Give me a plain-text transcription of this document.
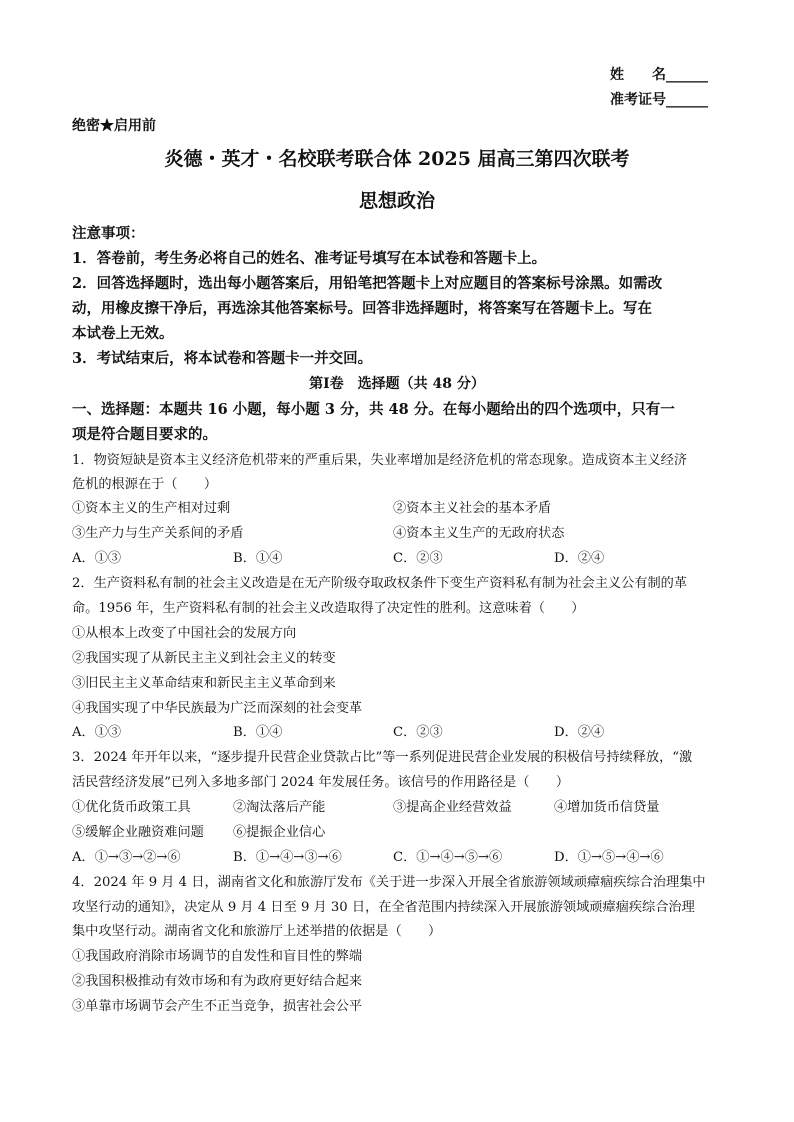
姓　　名______
准考证号______
绝密★启用前
炎德・英才・名校联考联合体 2025 届高三第四次联考
思想政治
注意事项：
1．答卷前，考生务必将自己的姓名、准考证号填写在本试卷和答题卡上。
2．回答选择题时，选出每小题答案后，用铅笔把答题卡上对应题目的答案标号涂黑。如需改
动，用橡皮擦干净后，再选涂其他答案标号。回答非选择题时，将答案写在答题卡上。写在
本试卷上无效。
3．考试结束后，将本试卷和答题卡一并交回。
第Ⅰ卷　选择题（共 48 分）
一、选择题：本题共 16 小题，每小题 3 分，共 48 分。在每小题给出的四个选项中，只有一
项是符合题目要求的。
1．物资短缺是资本主义经济危机带来的严重后果，失业率增加是经济危机的常态现象。造成资本主义经济
危机的根源在于（　　）
①资本主义的生产相对过剩	②资本主义社会的基本矛盾
③生产力与生产关系间的矛盾	④资本主义生产的无政府状态
A．①③	B．①④	C．②③	D．②④
2．生产资料私有制的社会主义改造是在无产阶级夺取政权条件下变生产资料私有制为社会主义公有制的革
命。1956 年，生产资料私有制的社会主义改造取得了决定性的胜利。这意味着（　　）
①从根本上改变了中国社会的发展方向
②我国实现了从新民主主义到社会主义的转变
③旧民主主义革命结束和新民主主义革命到来
④我国实现了中华民族最为广泛而深刻的社会变革
A．①③	B．①④	C．②③	D．②④
3．2024 年开年以来，“逐步提升民营企业贷款占比”等一系列促进民营企业发展的积极信号持续释放，“激
活民营经济发展”已列入多地多部门 2024 年发展任务。该信号的作用路径是（　　）
①优化货币政策工具	②淘汰落后产能	③提高企业经营效益	④增加货币信贷量
⑤缓解企业融资难问题 ⑥提振企业信心
A．①→③→②→⑥	B．①→④→③→⑥	C．①→④→⑤→⑥	D．①→⑤→④→⑥
4．2024 年 9 月 4 日，湖南省文化和旅游厅发布《关于进一步深入开展全省旅游领域顽瘴痼疾综合治理集中
攻坚行动的通知》，决定从 9 月 4 日至 9 月 30 日，在全省范围内持续深入开展旅游领域顽瘴痼疾综合治理
集中攻坚行动。湖南省文化和旅游厅上述举措的依据是（　　）
①我国政府消除市场调节的自发性和盲目性的弊端
②我国积极推动有效市场和有为政府更好结合起来
③单靠市场调节会产生不正当竞争，损害社会公平
